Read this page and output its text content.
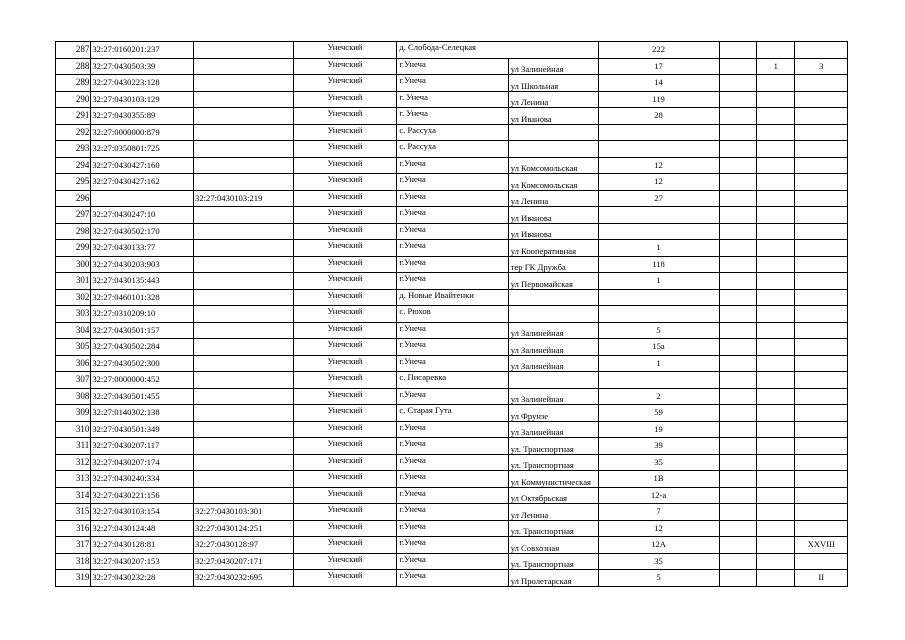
287	32:27:0160201:237		Унечский	д. Слобода-Селецкая		222			
288	32:27:0430503:39		Унечский	г.Унеча	ул Залинейная	17		1	3
289	32:27:0430223:128		Унечский	г.Унеча	ул Школьная	14			
290	32:27:0430103:129		Унечский	г. Унеча	ул Ленина	119			
291	32:27:0430355:89		Унечский	г. Унеча	ул Иванова	28			
292	32:27:0000000:879		Унечский	с. Рассуха					
293	32:27:0350801:725		Унечский	с. Рассуха					
294	32:27:0430427:160		Унечский	г.Унеча	ул Комсомольская	12			
295	32:27:0430427:162		Унечский	г.Унеча	ул Комсомольская	12			
296		32:27:0430103:219	Унечский	г.Унеча	ул Ленина	27			
297	32:27:0430247:10		Унечский	г.Унеча	ул Иванова				
298	32:27:0430502:170		Унечский	г.Унеча	ул Иванова				
299	32:27:0430133:77		Унечский	г.Унеча	ул Кооперативная	1			
300	32:27:0430203:903		Унечский	г.Унеча	тер ГК Дружба	118			
301	32:27:0430135:443		Унечский	г.Унеча	ул Первомайская	1			
302	32:27:0460101:328		Унечский	д. Новые Ивайтенки					
303	32:27:0310209:10		Унечский	с. Рюхов					
304	32:27:0430501:157		Унечский	г.Унеча	ул Залинейная	5			
305	32:27:0430502:284		Унечский	г.Унеча	ул Залинейная	15а			
306	32:27:0430502:300		Унечский	г.Унеча	ул Залинейная	1			
307	32:27:0000000:452		Унечский	с. Писаревка					
308	32:27:0430501:455		Унечский	г.Унеча	ул Залинейная	2			
309	32:27:0140302:138		Унечский	с. Старая Гута	ул Фрунзе	59			
310	32:27:0430501:349		Унечский	г.Унеча	ул Залинейная	19			
311	32:27:0430207:117		Унечский	г.Унеча	ул. Транспортная	39			
312	32:27:0430207:174		Унечский	г.Унеча	ул. Транспортная	35			
313	32:27:0430240:334		Унечский	г.Унеча	ул Коммунистическая	1В			
314	32:27:0430221:156		Унечский	г.Унеча	ул Октябрьская	12-а			
315	32:27:0430103:154	32:27:0430103:301	Унечский	г.Унеча	ул Ленина	7			
316	32:27:0430124:48	32:27:0430124:251	Унечский	г.Унеча	ул. Транспортная	12			
317	32:27:0430128:81	32:27:0430128:97	Унечский	г.Унеча	ул Совхозная	12А			XXVIII
318	32:27:0430207:153	32:27:0430207:171	Унечский	г.Унеча	ул. Транспортная	35			
319	32:27:0430232:28	32:27:0430232:695	Унечский	г.Унеча	ул Пролетарская	5			II
